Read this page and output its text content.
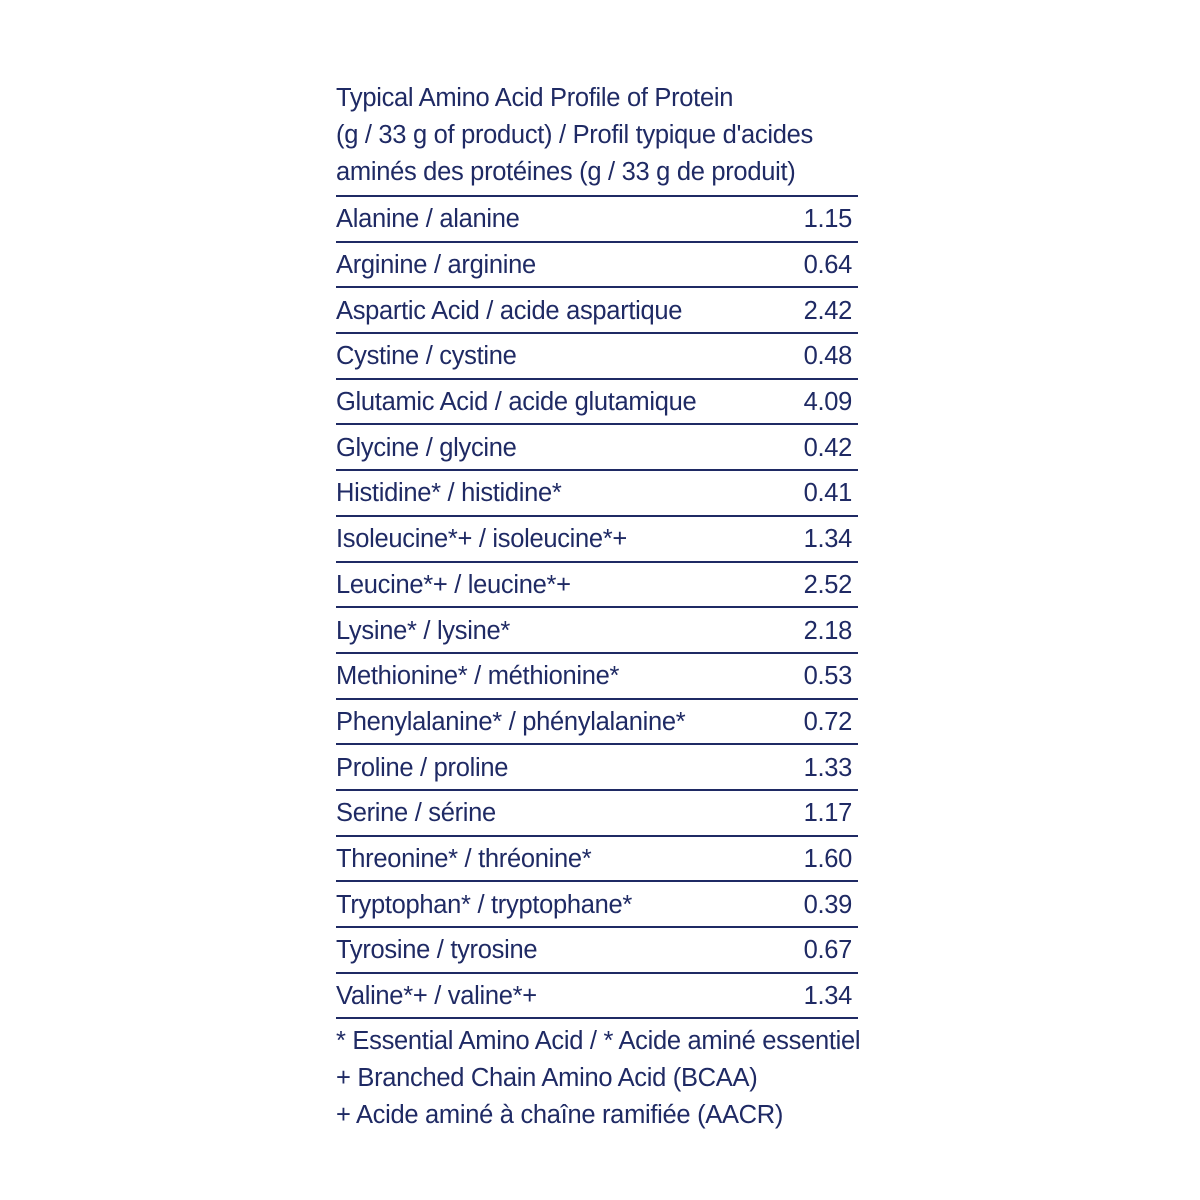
Typical Amino Acid Profile of Protein
(g / 33 g of product) / Profil typique d'acides
aminés des protéines (g / 33 g de produit)
Alanine / alanine	1.15
Arginine / arginine	0.64
Aspartic Acid / acide aspartique	2.42
Cystine / cystine	0.48
Glutamic Acid / acide glutamique	4.09
Glycine / glycine	0.42
Histidine* / histidine*	0.41
Isoleucine*+ / isoleucine*+	1.34
Leucine*+ / leucine*+	2.52
Lysine* / lysine*	2.18
Methionine* / méthionine*	0.53
Phenylalanine* / phénylalanine*	0.72
Proline / proline	1.33
Serine / sérine	1.17
Threonine* / thréonine*	1.60
Tryptophan* / tryptophane*	0.39
Tyrosine / tyrosine	0.67
Valine*+ / valine*+	1.34
* Essential Amino Acid / * Acide aminé essentiel
+ Branched Chain Amino Acid (BCAA)
+ Acide aminé à chaîne ramifiée (AACR)
